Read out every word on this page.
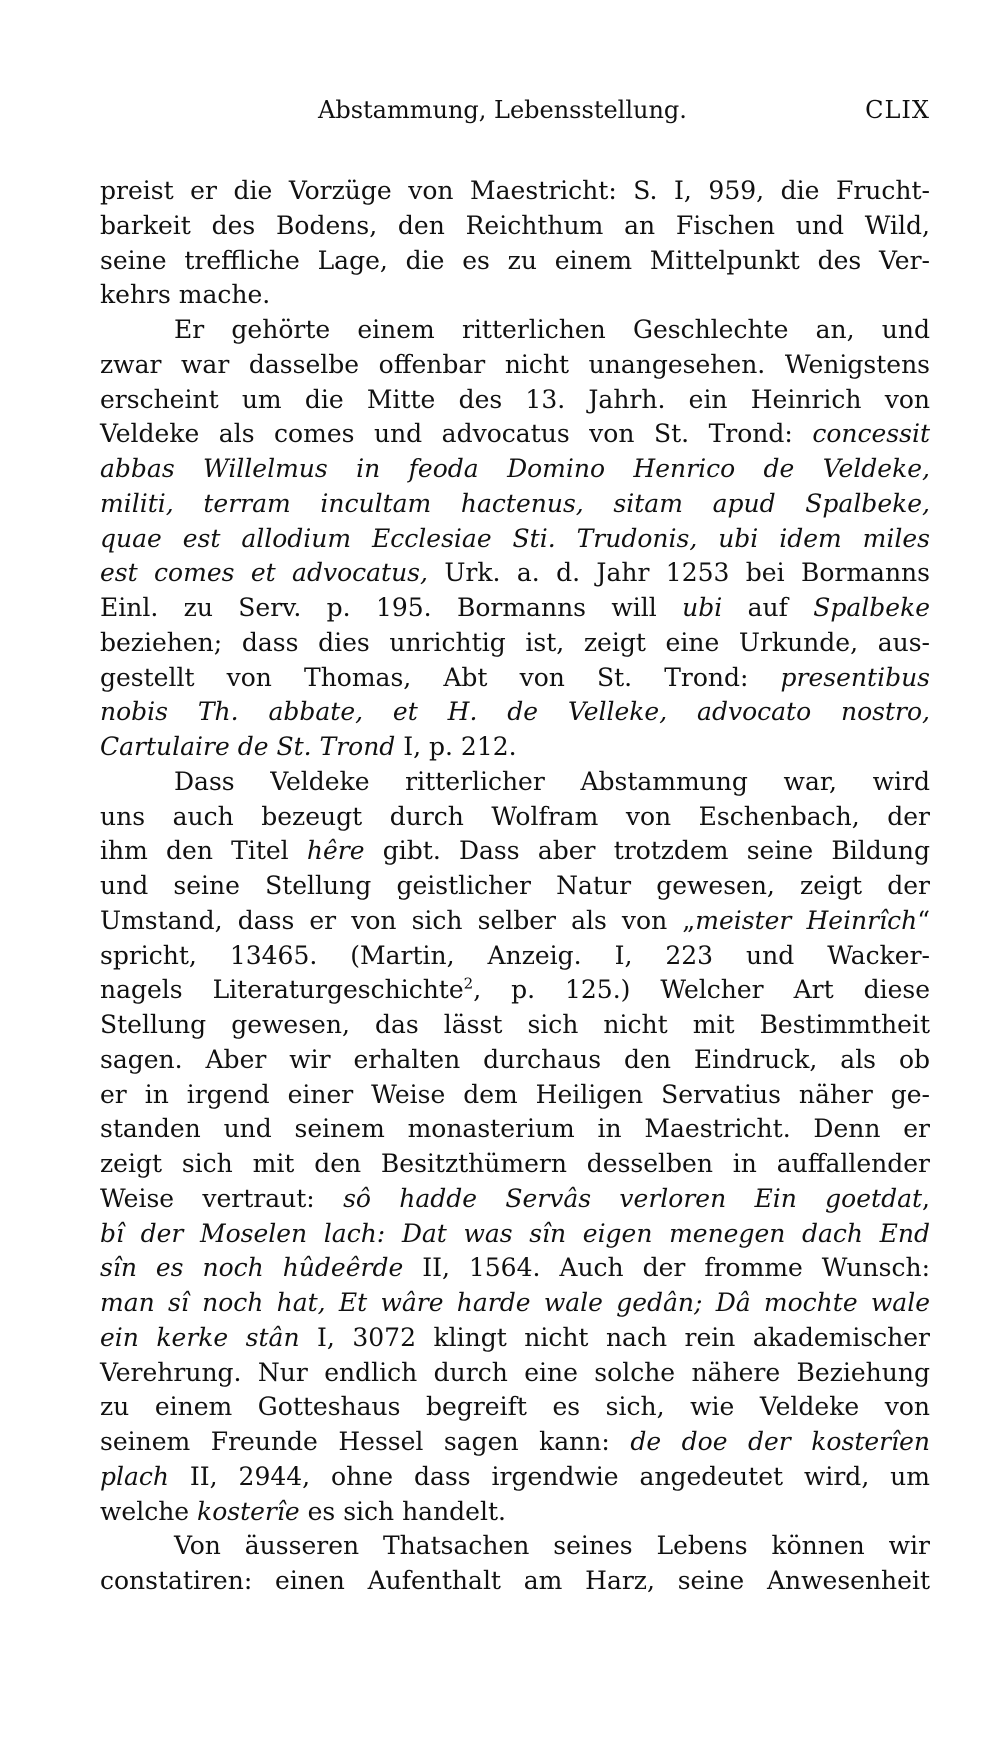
Abstammung, Lebensstellung.	CLIX
preist er die Vorzüge von Maestricht: S. I, 959, die Frucht-
barkeit des Bodens, den Reichthum an Fischen und Wild,
seine treffliche Lage, die es zu einem Mittelpunkt des Ver-
kehrs mache.
Er gehörte einem ritterlichen Geschlechte an, und
zwar war dasselbe offenbar nicht unangesehen. Wenigstens
erscheint um die Mitte des 13. Jahrh. ein Heinrich von
Veldeke als comes und advocatus von St. Trond: concessit
abbas Willelmus in feoda Domino Henrico de Veldeke,
militi, terram incultam hactenus, sitam apud Spalbeke,
quae est allodium Ecclesiae Sti. Trudonis, ubi idem miles
est comes et advocatus, Urk. a. d. Jahr 1253 bei Bormanns
Einl. zu Serv. p. 195. Bormanns will ubi auf Spalbeke
beziehen; dass dies unrichtig ist, zeigt eine Urkunde, aus-
gestellt von Thomas, Abt von St. Trond: presentibus
nobis Th. abbate, et H. de Velleke, advocato nostro,
Cartulaire de St. Trond I, p. 212.
Dass Veldeke ritterlicher Abstammung war, wird
uns auch bezeugt durch Wolfram von Eschenbach, der
ihm den Titel hêre gibt. Dass aber trotzdem seine Bildung
und seine Stellung geistlicher Natur gewesen, zeigt der
Umstand, dass er von sich selber als von „meister Heinrîch“
spricht, 13465. (Martin, Anzeig. I, 223 und Wacker-
nagels Literaturgeschichte$^2$, p. 125.) Welcher Art diese
Stellung gewesen, das lässt sich nicht mit Bestimmtheit
sagen. Aber wir erhalten durchaus den Eindruck, als ob
er in irgend einer Weise dem Heiligen Servatius näher ge-
standen und seinem monasterium in Maestricht. Denn er
zeigt sich mit den Besitzthümern desselben in auffallender
Weise vertraut: sô hadde Servâs verloren Ein goetdat,
bî der Moselen lach: Dat was sîn eigen menegen dach End
sîn es noch hûdeêrde II, 1564. Auch der fromme Wunsch:
man sî noch hat, Et wâre harde wale gedân; Dâ mochte wale
ein kerke stân I, 3072 klingt nicht nach rein akademischer
Verehrung. Nur endlich durch eine solche nähere Beziehung
zu einem Gotteshaus begreift es sich, wie Veldeke von
seinem Freunde Hessel sagen kann: de doe der kosterîen
plach II, 2944, ohne dass irgendwie angedeutet wird, um
welche kosterîe es sich handelt.
Von äusseren Thatsachen seines Lebens können wir
constatiren: einen Aufenthalt am Harz, seine Anwesenheit
